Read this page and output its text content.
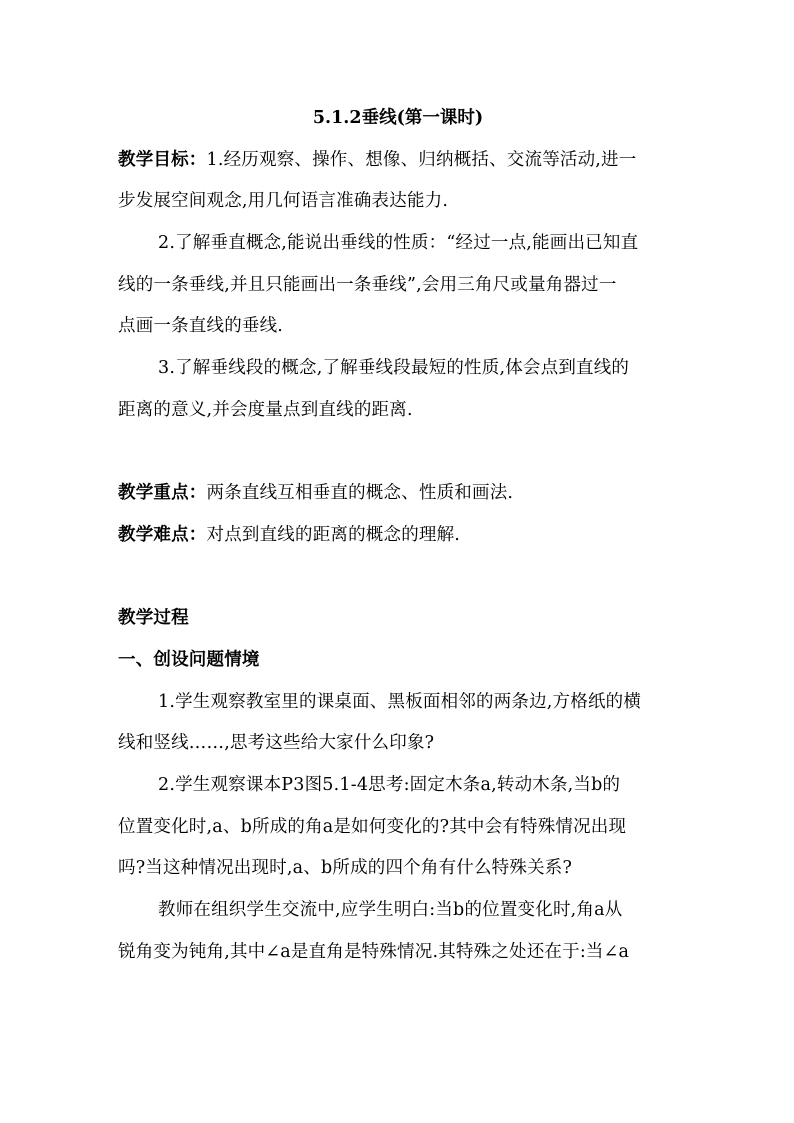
5.1.2垂线(第一课时)
教学目标：1.经历观察、操作、想像、归纳概括、交流等活动,进一
步发展空间观念,用几何语言准确表达能力.
2.了解垂直概念,能说出垂线的性质：“经过一点,能画出已知直
线的一条垂线,并且只能画出一条垂线”,会用三角尺或量角器过一
点画一条直线的垂线.
3.了解垂线段的概念,了解垂线段最短的性质,体会点到直线的
距离的意义,并会度量点到直线的距离.
教学重点：两条直线互相垂直的概念、性质和画法.
教学难点：对点到直线的距离的概念的理解.
教学过程
一、创设问题情境
1.学生观察教室里的课桌面、黑板面相邻的两条边,方格纸的横
线和竖线……,思考这些给大家什么印象?
2.学生观察课本P3图5.1-4思考:固定木条a,转动木条,当b的
位置变化时,a、b所成的角a是如何变化的?其中会有特殊情况出现
吗?当这种情况出现时,a、b所成的四个角有什么特殊关系?
教师在组织学生交流中,应学生明白:当b的位置变化时,角a从
锐角变为钝角,其中∠a是直角是特殊情况.其特殊之处还在于:当∠a
